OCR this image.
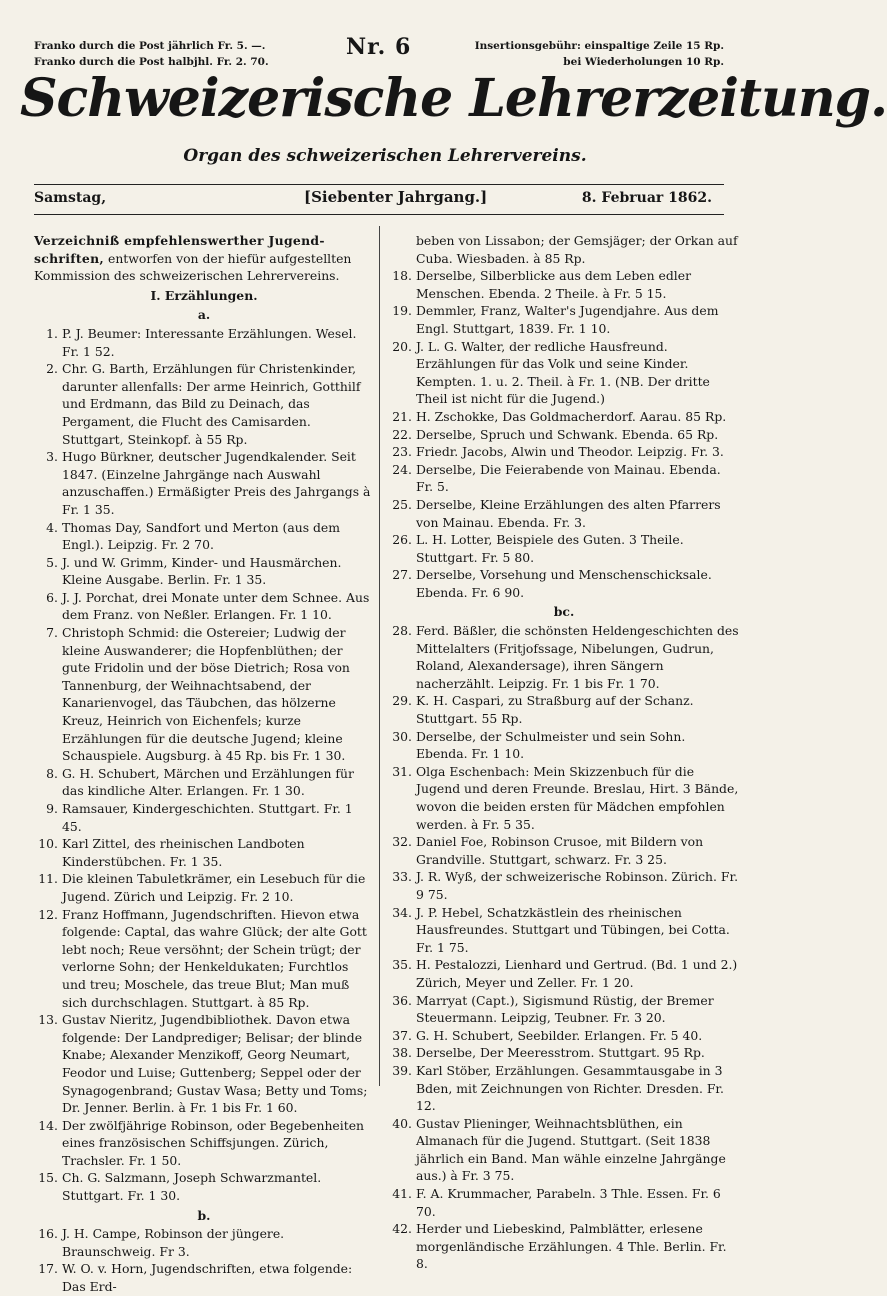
Franko durch die Post jährlich Fr. 5. —.
Franko durch die Post halbjhl. Fr. 2. 70.
Nr. 6	Insertionsgebühr: einspaltige Zeile 15 Rp.
bei Wiederholungen 10 Rp.
Schweizerische Lehrerzeitung.
Organ des schweizerischen Lehrervereins.
Samstag,	[Siebenter Jahrgang.]	8. Februar 1862.
Verzeichniß empfehlenswerther Jugend-schriften, entworfen von der hiefür aufgestellten Kommission des schweizerischen Lehrervereins.
I. Erzählungen.
a.
1. P. J. Beumer: Interessante Erzählungen. Wesel. Fr. 1 52.
2. Chr. G. Barth, Erzählungen für Christenkinder, darunter allenfalls: Der arme Heinrich, Gotthilf und Erdmann, das Bild zu Deinach, das Pergament, die Flucht des Camisarden. Stuttgart, Steinkopf. à 55 Rp.
3. Hugo Bürkner, deutscher Jugendkalender. Seit 1847. (Einzelne Jahrgänge nach Auswahl anzuschaffen.) Ermäßigter Preis des Jahrgangs à Fr. 1 35.
4. Thomas Day, Sandfort und Merton (aus dem Engl.). Leipzig. Fr. 2 70.
5. J. und W. Grimm, Kinder- und Hausmärchen. Kleine Ausgabe. Berlin. Fr. 1 35.
6. J. J. Porchat, drei Monate unter dem Schnee. Aus dem Franz. von Neßler. Erlangen. Fr. 1 10.
7. Christoph Schmid: die Ostereier; Ludwig der kleine Auswanderer; die Hopfenblüthen; der gute Fridolin und der böse Dietrich; Rosa von Tannenburg, der Weihnachtsabend, der Kanarienvogel, das Täubchen, das hölzerne Kreuz, Heinrich von Eichenfels; kurze Erzählungen für die deutsche Jugend; kleine Schauspiele. Augsburg. à 45 Rp. bis Fr. 1 30.
8. G. H. Schubert, Märchen und Erzählungen für das kindliche Alter. Erlangen. Fr. 1 30.
9. Ramsauer, Kindergeschichten. Stuttgart. Fr. 1 45.
10. Karl Zittel, des rheinischen Landboten Kinderstübchen. Fr. 1 35.
11. Die kleinen Tabuletkrämer, ein Lesebuch für die Jugend. Zürich und Leipzig. Fr. 2 10.
12. Franz Hoffmann, Jugendschriften. Hievon etwa folgende: Captal, das wahre Glück; der alte Gott lebt noch; Reue versöhnt; der Schein trügt; der verlorne Sohn; der Henkeldukaten; Furchtlos und treu; Moschele, das treue Blut; Man muß sich durchschlagen. Stuttgart. à 85 Rp.
13. Gustav Nieritz, Jugendbibliothek. Davon etwa folgende: Der Landprediger; Belisar; der blinde Knabe; Alexander Menzikoff, Georg Neumart, Feodor und Luise; Guttenberg; Seppel oder der Synagogenbrand; Gustav Wasa; Betty und Toms; Dr. Jenner. Berlin. à Fr. 1 bis Fr. 1 60.
14. Der zwölfjährige Robinson, oder Begebenheiten eines französischen Schiffsjungen. Zürich, Trachsler. Fr. 1 50.
15. Ch. G. Salzmann, Joseph Schwarzmantel. Stuttgart. Fr. 1 30.
b.
16. J. H. Campe, Robinson der jüngere. Braunschweig. Fr 3.
17. W. O. v. Horn, Jugendschriften, etwa folgende: Das Erd-
beben von Lissabon; der Gemsjäger; der Orkan auf Cuba. Wiesbaden. à 85 Rp.
18. Derselbe, Silberblicke aus dem Leben edler Menschen. Ebenda. 2 Theile. à Fr. 5 15.
19. Demmler, Franz, Walter's Jugendjahre. Aus dem Engl. Stuttgart, 1839. Fr. 1 10.
20. J. L. G. Walter, der redliche Hausfreund. Erzählungen für das Volk und seine Kinder. Kempten. 1. u. 2. Theil. à Fr. 1. (NB. Der dritte Theil ist nicht für die Jugend.)
21. H. Zschokke, Das Goldmacherdorf. Aarau. 85 Rp.
22. Derselbe, Spruch und Schwank. Ebenda. 65 Rp.
23. Friedr. Jacobs, Alwin und Theodor. Leipzig. Fr. 3.
24. Derselbe, Die Feierabende von Mainau. Ebenda. Fr. 5.
25. Derselbe, Kleine Erzählungen des alten Pfarrers von Mainau. Ebenda. Fr. 3.
26. L. H. Lotter, Beispiele des Guten. 3 Theile. Stuttgart. Fr. 5 80.
27. Derselbe, Vorsehung und Menschenschicksale. Ebenda. Fr. 6 90.
bc.
28. Ferd. Bäßler, die schönsten Heldengeschichten des Mittelalters (Fritjofssage, Nibelungen, Gudrun, Roland, Alexandersage), ihren Sängern nacherzählt. Leipzig. Fr. 1 bis Fr. 1 70.
29. K. H. Caspari, zu Straßburg auf der Schanz. Stuttgart. 55 Rp.
30. Derselbe, der Schulmeister und sein Sohn. Ebenda. Fr. 1 10.
31. Olga Eschenbach: Mein Skizzenbuch für die Jugend und deren Freunde. Breslau, Hirt. 3 Bände, wovon die beiden ersten für Mädchen empfohlen werden. à Fr. 5 35.
32. Daniel Foe, Robinson Crusoe, mit Bildern von Grandville. Stuttgart, schwarz. Fr. 3 25.
33. J. R. Wyß, der schweizerische Robinson. Zürich. Fr. 9 75.
34. J. P. Hebel, Schatzkästlein des rheinischen Hausfreundes. Stuttgart und Tübingen, bei Cotta. Fr. 1 75.
35. H. Pestalozzi, Lienhard und Gertrud. (Bd. 1 und 2.) Zürich, Meyer und Zeller. Fr. 1 20.
36. Marryat (Capt.), Sigismund Rüstig, der Bremer Steuermann. Leipzig, Teubner. Fr. 3 20.
37. G. H. Schubert, Seebilder. Erlangen. Fr. 5 40.
38. Derselbe, Der Meeresstrom. Stuttgart. 95 Rp.
39. Karl Stöber, Erzählungen. Gesammtausgabe in 3 Bden, mit Zeichnungen von Richter. Dresden. Fr. 12.
40. Gustav Plieninger, Weihnachtsblüthen, ein Almanach für die Jugend. Stuttgart. (Seit 1838 jährlich ein Band. Man wähle einzelne Jahrgänge aus.) à Fr. 3 75.
41. F. A. Krummacher, Parabeln. 3 Thle. Essen. Fr. 6 70.
42. Herder und Liebeskind, Palmblätter, erlesene morgenländische Erzählungen. 4 Thle. Berlin. Fr. 8.
